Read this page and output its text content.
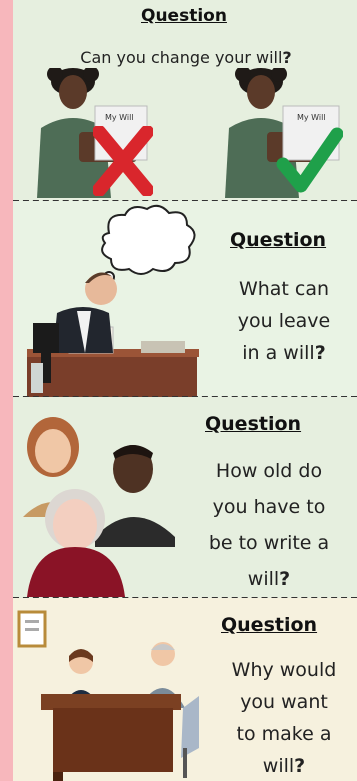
Question
Can you change your will?
My Will	My Will
Question
What can
you leave
in a will?
Question
How old do
you have to
be to write a
will?
Question
Why would
you want
to make a
will?
